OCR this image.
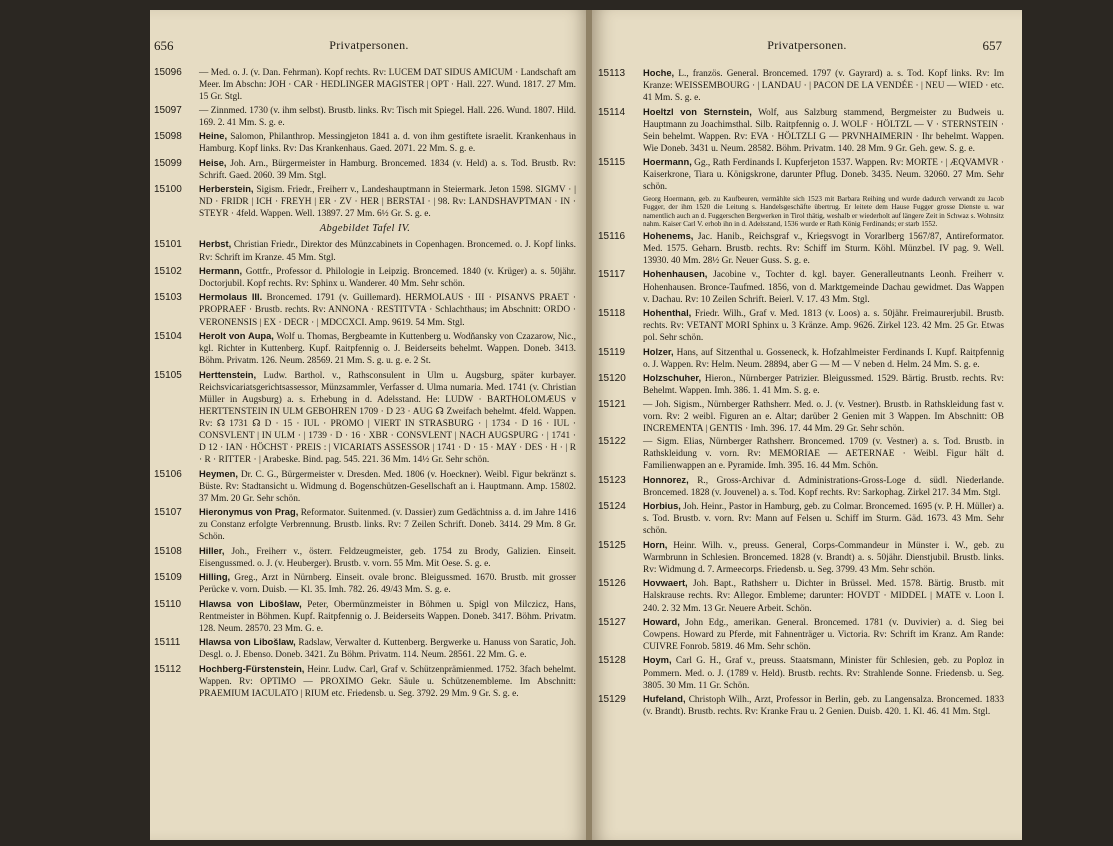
656	Privatpersonen.
15096 — Med. o. J. (v. Dan. Fehrman). Kopf rechts. Rv: LUCEM DAT SIDUS AMICUM · Landschaft am Meer. Im Abschn: JOH · CAR · HEDLINGER MAGISTER | OPT · Hall. 227. Wund. 1817. 27 Mm. 15 Gr. Stgl.
15097 — Zinnmed. 1730 (v. ihm selbst). Brustb. links. Rv: Tisch mit Spiegel. Hall. 226. Wund. 1807. Hild. 169. 2. 41 Mm. S. g. e.
15098 Heine, Salomon, Philanthrop. Messingjeton 1841 a. d. von ihm gestiftete israelit. Krankenhaus in Hamburg. Kopf links. Rv: Das Krankenhaus. Gaed. 2071. 22 Mm. S. g. e.
15099 Heise, Joh. Arn., Bürgermeister in Hamburg. Broncemed. 1834 (v. Held) a. s. Tod. Brustb. Rv: Schrift. Gaed. 2060. 39 Mm. Stgl.
15100 Herberstein, Sigism. Friedr., Freiherr v., Landeshauptmann in Steiermark. Jeton 1598. SIGMV · | ND · FRIDR | ICH · FREYH | ER · ZV · HER | BERSTAI · | 98. Rv: LANDSHAVPTMAN · IN · STEYR · 4feld. Wappen. Well. 13897. 27 Mm. 6½ Gr. S. g. e.
Abgebildet Tafel IV.
15101 Herbst, Christian Friedr., Direktor des Münzcabinets in Copenhagen. Broncemed. o. J. Kopf links. Rv: Schrift im Kranze. 45 Mm. Stgl.
15102 Hermann, Gottfr., Professor d. Philologie in Leipzig. Broncemed. 1840 (v. Krüger) a. s. 50jähr. Doctorjubil. Kopf rechts. Rv: Sphinx u. Wanderer. 40 Mm. Sehr schön.
15103 Hermolaus III. Broncemed. 1791 (v. Guillemard). HERMOLAUS · III · PISANVS PRAET · PROPRAEF · Brustb. rechts. Rv: ANNONA · RESTITVTA · Schlachthaus; im Abschnitt: ORDO · VERONENSIS | EX · DECR · | MDCCXCI. Amp. 9619. 54 Mm. Stgl.
15104 Herolt von Aupa, Wolf u. Thomas, Bergbeamte in Kuttenberg u. Wodňansky von Czazarow, Nic., kgl. Richter in Kuttenberg. Kupf. Raitpfennig o. J. Beiderseits behelmt. Wappen. Doneb. 3413. Böhm. Privatm. 126. Neum. 28569. 21 Mm. S. g. u. g. e. 2 St.
15105 Herttenstein, Ludw. Barthol. v., Rathsconsulent in Ulm u. Augsburg, später kurbayer. Reichsvicariatsgerichtsassessor, Münzsammler, Verfasser d. Ulma numaria. Med. 1741 (v. Christian Müller in Augsburg) a. s. Erhebung in d. Adelsstand. He: LUDW · BARTHOLOMÆUS v HERTTENSTEIN IN ULM GEBOHREN 1709 · D 23 · AUG ☊ Zweifach behelmt. 4feld. Wappen. Rv: ☊ 1731 ☊ D · 15 · IUL · PROMO | VIERT IN STRASBURG · | 1734 · D 16 · IUL · CONSVLENT | IN ULM · | 1739 · D · 16 · XBR · CONSVLENT | NACH AUGSPURG · | 1741 · D 12 · IAN · HÖCHST · PREIS : | VICARIATS ASSESSOR | 1741 · D · 15 · MAY · DES · H · | R · R · RITTER · | Arabeske. Bind. pag. 545. 221. 36 Mm. 14½ Gr. Sehr schön.
15106 Heymen, Dr. C. G., Bürgermeister v. Dresden. Med. 1806 (v. Hoeckner). Weibl. Figur bekränzt s. Büste. Rv: Stadtansicht u. Widmung d. Bogenschützen-Gesellschaft an i. Hauptmann. Amp. 15802. 37 Mm. 20 Gr. Sehr schön.
15107 Hieronymus von Prag, Reformator. Suitenmed. (v. Dassier) zum Gedächtniss a. d. im Jahre 1416 zu Constanz erfolgte Verbrennung. Brustb. links. Rv: 7 Zeilen Schrift. Doneb. 3414. 29 Mm. 8 Gr. Schön.
15108 Hiller, Joh., Freiherr v., österr. Feldzeugmeister, geb. 1754 zu Brody, Galizien. Einseit. Eisengussmed. o. J. (v. Heuberger). Brustb. v. vorn. 55 Mm. Mit Oese. S. g. e.
15109 Hilling, Greg., Arzt in Nürnberg. Einseit. ovale bronc. Bleigussmed. 1670. Brustb. mit grosser Perücke v. vorn. Duisb. — Kl. 35. Imh. 782. 26. 49/43 Mm. S. g. e.
15110 Hlawsa von Libošlaw, Peter, Obermünzmeister in Böhmen u. Spigl von Milczicz, Hans, Rentmeister in Böhmen. Kupf. Raitpfennig o. J. Beiderseits Wappen. Doneb. 3417. Böhm. Privatm. 128. Neum. 28570. 23 Mm. G. e.
15111 Hlawsa von Libošlaw, Radslaw, Verwalter d. Kuttenberg. Bergwerke u. Hanuss von Saratic, Joh. Desgl. o. J. Ebenso. Doneb. 3421. Zu Böhm. Privatm. 114. Neum. 28561. 22 Mm. G. e.
15112 Hochberg-Fürstenstein, Heinr. Ludw. Carl, Graf v. Schützenprämienmed. 1752. 3fach behelmt. Wappen. Rv: OPTIMO — PROXIMO Gekr. Säule u. Schützenembleme. Im Abschnitt: PRAEMIUM IACULATO | RIUM etc. Friedensb. u. Seg. 3792. 29 Mm. 9 Gr. S. g. e.
657
Privatpersonen.
15113 Hoche, L., französ. General. Broncemed. 1797 (v. Gayrard) a. s. Tod. Kopf links. Rv: Im Kranze: WEISSEMBOURG · | LANDAU · | PACON DE LA VENDÉE · | NEU — WIED · etc. 41 Mm. S. g. e.
15114 Hoeltzl von Sternstein, Wolf, aus Salzburg stammend, Bergmeister zu Budweis u. Hauptmann zu Joachimsthal. Silb. Raitpfennig o. J. WOLF · HÖLTZL — V · STERNSTEIN · Sein behelmt. Wappen. Rv: EVA · HÖLTZLI G — PRVNHAIMERIN · Ihr behelmt. Wappen. Wie Doneb. 3431 u. Neum. 28582. Böhm. Privatm. 140. 28 Mm. 9 Gr. Geh. gew. S. g. e.
15115 Hoermann, Gg., Rath Ferdinands I. Kupferjeton 1537. Wappen. Rv: MORTE · | ÆQVAMVR · Kaiserkrone, Tiara u. Königskrone, darunter Pflug. Doneb. 3435. Neum. 32060. 27 Mm. Sehr schön.
Georg Hoermann, geb. zu Kaufbeuren, vermählte sich 1523 mit Barbara Reihing und wurde dadurch verwandt zu Jacob Fugger, der ihm 1520 die Leitung s. Handelsgeschäfte übertrug. Er leitete dem Hause Fugger grosse Dienste u. war namentlich auch an d. Fuggerschen Bergwerken in Tirol thätig, weshalb er wiederholt auf längere Zeit in Schwaz s. Wohnsitz nahm. Kaiser Carl V. erhob ihn in d. Adelsstand, 1536 wurde er Rath König Ferdinands; er starb 1552.
15116 Hohenems, Jac. Hanib., Reichsgraf v., Kriegsvogt in Vorarlberg 1567/87, Antireformator. Med. 1575. Geharn. Brustb. rechts. Rv: Schiff im Sturm. Köhl. Münzbel. IV pag. 9. Well. 13930. 40 Mm. 28½ Gr. Neuer Guss. S. g. e.
15117 Hohenhausen, Jacobine v., Tochter d. kgl. bayer. Generalleutnants Leonh. Freiherr v. Hohenhausen. Bronce-Taufmed. 1856, von d. Marktgemeinde Dachau gewidmet. Das Wappen v. Dachau. Rv: 10 Zeilen Schrift. Beierl. V. 17. 43 Mm. Stgl.
15118 Hohenthal, Friedr. Wilh., Graf v. Med. 1813 (v. Loos) a. s. 50jähr. Freimaurerjubil. Brustb. rechts. Rv: VETANT MORI Sphinx u. 3 Kränze. Amp. 9626. Zirkel 123. 42 Mm. 25 Gr. Etwas pol. Sehr schön.
15119 Holzer, Hans, auf Sitzenthal u. Gosseneck, k. Hofzahlmeister Ferdinands I. Kupf. Raitpfennig o. J. Wappen. Rv: Helm. Neum. 28894, aber G — M — V neben d. Helm. 24 Mm. S. g. e.
15120 Holzschuher, Hieron., Nürnberger Patrizier. Bleigussmed. 1529. Bärtig. Brustb. rechts. Rv: Behelmt. Wappen. Imh. 386. 1. 41 Mm. S. g. e.
15121 — Joh. Sigism., Nürnberger Rathsherr. Med. o. J. (v. Vestner). Brustb. in Rathskleidung fast v. vorn. Rv: 2 weibl. Figuren an e. Altar; darüber 2 Genien mit 3 Wappen. Im Abschnitt: OB INCREMENTA | GENTIS · Imh. 396. 17. 44 Mm. 29 Gr. Sehr schön.
15122 — Sigm. Elias, Nürnberger Rathsherr. Broncemed. 1709 (v. Vestner) a. s. Tod. Brustb. in Rathskleidung v. vorn. Rv: MEMORIAE — AETERNAE · Weibl. Figur hält d. Familienwappen an e. Pyramide. Imh. 395. 16. 44 Mm. Schön.
15123 Honnorez, R., Gross-Archivar d. Administrations-Gross-Loge d. südl. Niederlande. Broncemed. 1828 (v. Jouvenel) a. s. Tod. Kopf rechts. Rv: Sarkophag. Zirkel 217. 34 Mm. Stgl.
15124 Horbius, Joh. Heinr., Pastor in Hamburg, geb. zu Colmar. Broncemed. 1695 (v. P. H. Müller) a. s. Tod. Brustb. v. vorn. Rv: Mann auf Felsen u. Schiff im Sturm. Gäd. 1673. 43 Mm. Sehr schön.
15125 Horn, Heinr. Wilh. v., preuss. General, Corps-Commandeur in Münster i. W., geb. zu Warmbrunn in Schlesien. Broncemed. 1828 (v. Brandt) a. s. 50jähr. Dienstjubil. Brustb. links. Rv: Widmung d. 7. Armeecorps. Friedensb. u. Seg. 3799. 43 Mm. Sehr schön.
15126 Hovwaert, Joh. Bapt., Rathsherr u. Dichter in Brüssel. Med. 1578. Bärtig. Brustb. mit Halskrause rechts. Rv: Allegor. Embleme; darunter: HOVDT · MIDDEL | MATE v. Loon I. 240. 2. 32 Mm. 13 Gr. Neuere Arbeit. Schön.
15127 Howard, John Edg., amerikan. General. Broncemed. 1781 (v. Duvivier) a. d. Sieg bei Cowpens. Howard zu Pferde, mit Fahnenträger u. Victoria. Rv: Schrift im Kranz. Am Rande: CUIVRE Fonrob. 5819. 46 Mm. Sehr schön.
15128 Hoym, Carl G. H., Graf v., preuss. Staatsmann, Minister für Schlesien, geb. zu Poploz in Pommern. Med. o. J. (1789 v. Held). Brustb. rechts. Rv: Strahlende Sonne. Friedensb. u. Seg. 3805. 30 Mm. 11 Gr. Schön.
15129 Hufeland, Christoph Wilh., Arzt, Professor in Berlin, geb. zu Langensalza. Broncemed. 1833 (v. Brandt). Brustb. rechts. Rv: Kranke Frau u. 2 Genien. Duisb. 420. 1. Kl. 46. 41 Mm. Stgl.
